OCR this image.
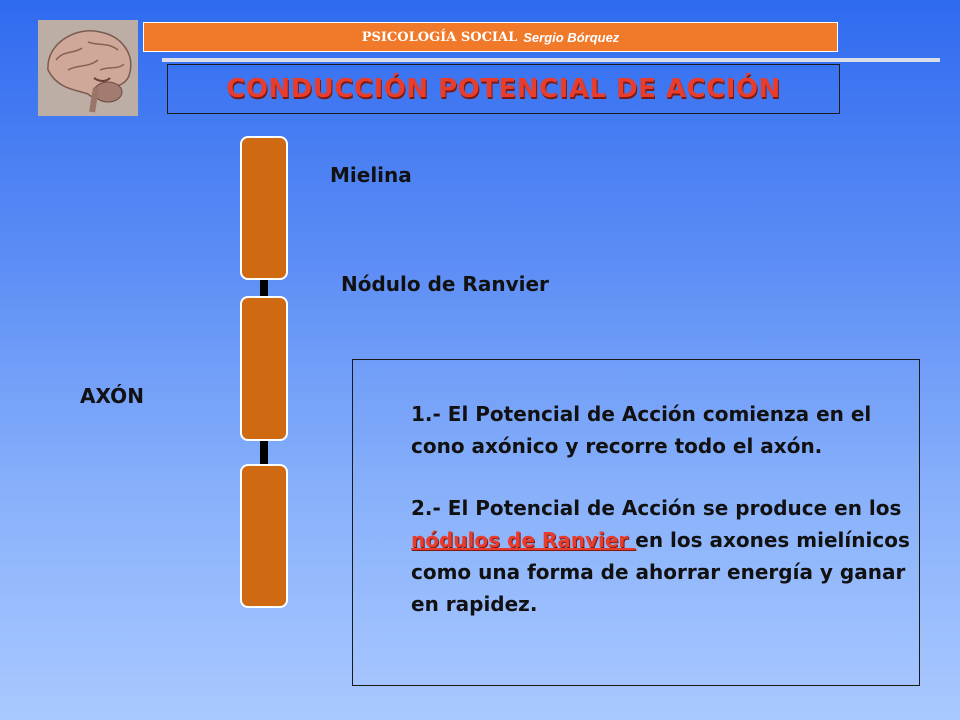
PSICOLOGÍA SOCIAL Sergio Bórquez
CONDUCCIÓN POTENCIAL DE ACCIÓN
Mielina
Nódulo de Ranvier
AXÓN
1.- El Potencial de Acción comienza en el cono axónico y recorre todo el axón.
2.- El Potencial de Acción se produce en los nódulos de Ranvier en los axones mielínicos como una forma de ahorrar energía y ganar en rapidez.
